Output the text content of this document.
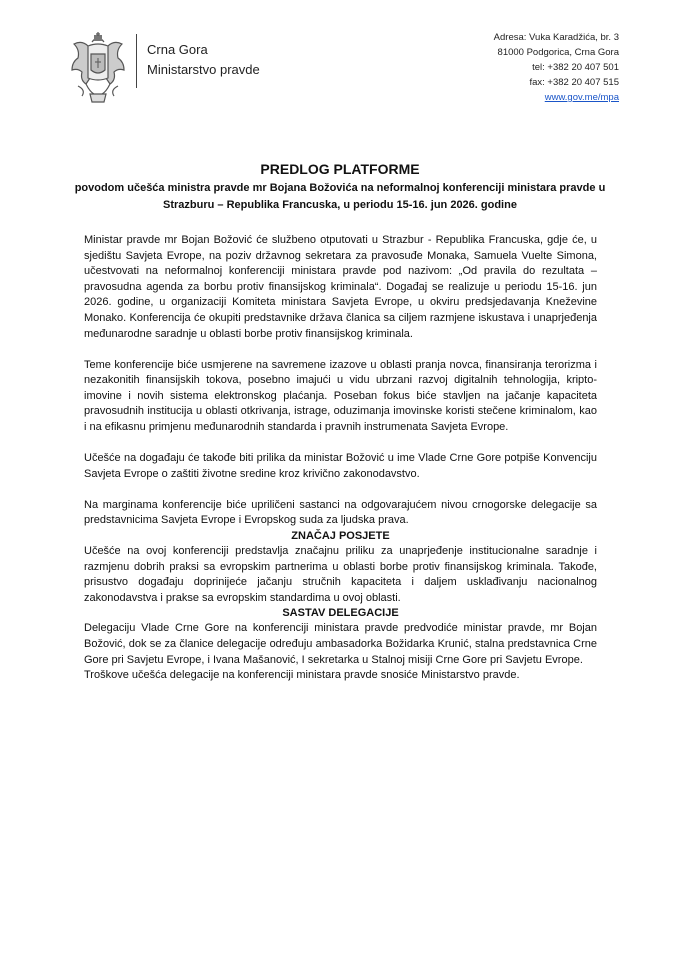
Crna Gora
Ministarstvo pravde
Adresa: Vuka Karadžića, br. 3
81000 Podgorica, Crna Gora
tel: +382 20 407 501
fax: +382 20 407 515
www.gov.me/mpa
PREDLOG PLATFORME
povodom učešća ministra pravde mr Bojana Božovića na neformalnoj konferenciji ministara pravde u Strazburu – Republika Francuska, u periodu 15-16. jun 2026. godine

Ministar pravde mr Bojan Božović će službeno otputovati u Strazbur - Republika Francuska, gdje će, u sjedištu Savjeta Evrope, na poziv državnog sekretara za pravosuđe Monaka, Samuela Vuelte Simona, učestvovati na neformalnoj konferenciji ministara pravde pod nazivom: „Od pravila do rezultata – pravosudna agenda za borbu protiv finansijskog kriminala“. Događaj se realizuje u periodu 15-16. jun 2026. godine, u organizaciji Komiteta ministara Savjeta Evrope, u okviru predsjedavanja Kneževine Monako. Konferencija će okupiti predstavnike država članica sa ciljem razmjene iskustava i unaprjeđenja međunarodne saradnje u oblasti borbe protiv finansijskog kriminala.

Teme konferencije biće usmjerene na savremene izazove u oblasti pranja novca, finansiranja terorizma i nezakonitih finansijskih tokova, posebno imajući u vidu ubrzani razvoj digitalnih tehnologija, kripto-imovine i novih sistema elektronskog plaćanja. Poseban fokus biće stavljen na jačanje kapaciteta pravosudnih institucija u oblasti otkrivanja, istrage, oduzimanja imovinske koristi stečene kriminalom, kao i na efikasnu primjenu međunarodnih standarda i pravnih instrumenata Savjeta Evrope.

Učešće na događaju će takođe biti prilika da ministar Božović u ime Vlade Crne Gore potpiše Konvenciju Savjeta Evrope o zaštiti životne sredine kroz krivično zakonodavstvo.

Na marginama konferencije biće upriličeni sastanci na odgovarajućem nivou crnogorske delegacije sa predstavnicima Savjeta Evrope i Evropskog suda za ljudska prava.

ZNAČAJ POSJETE

Učešće na ovoj konferenciji predstavlja značajnu priliku za unaprjeđenje institucionalne saradnje i razmjenu dobrih praksi sa evropskim partnerima u oblasti borbe protiv finansijskog kriminala. Takođe, prisustvo događaju doprinijeće jačanju stručnih kapaciteta i daljem usklađivanju nacionalnog zakonodavstva i prakse sa evropskim standardima u ovoj oblasti.

SASTAV DELEGACIJE

Delegaciju Vlade Crne Gore na konferenciji ministara pravde predvodiće ministar pravde, mr Bojan Božović, dok se za članice delegacije određuju ambasadorka Božidarka Krunić, stalna predstavnica Crne Gore pri Savjetu Evrope, i Ivana Mašanović, I sekretarka u Stalnoj misiji Crne Gore pri Savjetu Evrope.

Troškove učešća delegacije na konferenciji ministara pravde snosiće Ministarstvo pravde.
